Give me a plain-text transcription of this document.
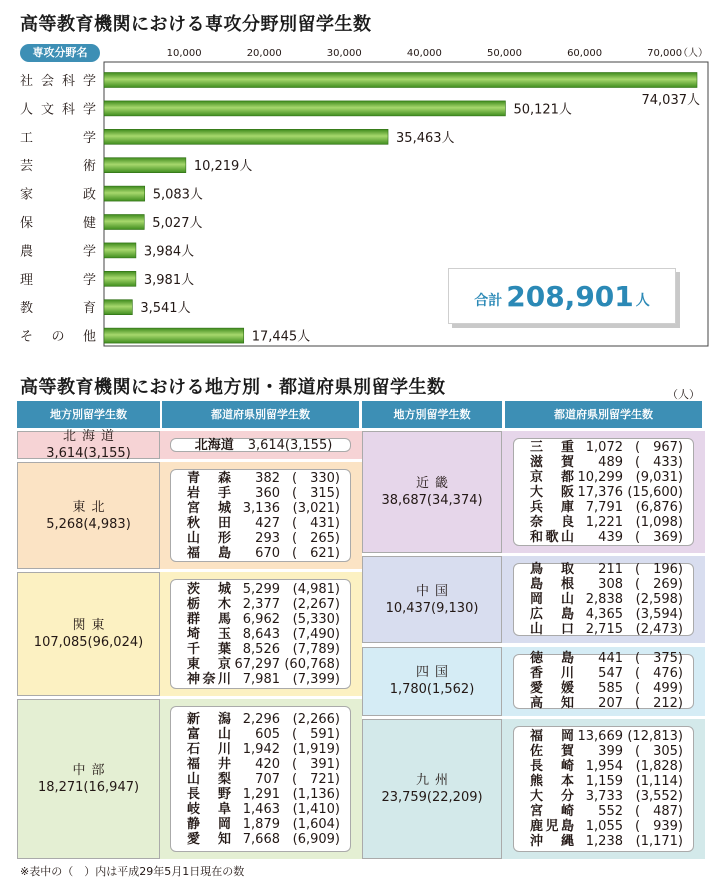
高等教育機関における専攻分野別留学生数
専攻分野名	10,000	20,000	30,000	40,000	50,000	60,000	70,000
（人）
社会科学
74,037人
人文科学	50,121人
工　学	35,463人
芸　術	10,219人
家　政	5,083人
保　健	5,027人
農　学	3,984人
理　学	3,981人
教　育	3,541人
そ の 他	17,445人
合計 208,901 人
高等教育機関における地方別・都道府県別留学生数	（人）
地方別留学生数	都道府県別留学生数	地方別留学生数	都道府県別留学生数
北海道
3,614(3,155)
北海道 3,614 (3,155)
東北
5,268(4,983)
青森	382 (　330)
岩手	360 (　315)
宮城 3,136 (3,021)
秋田	427 (　431)
山形	293 (　265)
福島	670 (　621)
関東
107,085(96,024)
茨城 5,299 (4,981)
栃木 2,377 (2,267)
群馬 6,962 (5,330)
埼玉 8,643 (7,490)
千葉 8,526 (7,789)
東京 67,297 (60,768)
神奈川 7,981 (7,399)
中部
18,271(16,947)
新潟 2,296 (2,266)
富山	605 (　591)
石川 1,942 (1,919)
福井	420 (　391)
山梨	707 (　721)
長野 1,291 (1,136)
岐阜 1,463 (1,410)
静岡 1,879 (1,604)
愛知 7,668 (6,909)
近畿
38,687(34,374)
三重 1,072 (　967)
滋賀	489 (　433)
京都 10,299 (9,031)
大阪 17,376 (15,600)
兵庫 7,791 (6,876)
奈良 1,221 (1,098)
和歌山	439 (　369)
中国
10,437(9,130)
鳥取	211 (　196)
島根	308 (　269)
岡山 2,838 (2,598)
広島 4,365 (3,594)
山口 2,715 (2,473)
四国
1,780(1,562)
徳島	441 (　375)
香川	547 (　476)
愛媛	585 (　499)
高知	207 (　212)
九州
23,759(22,209)
福岡 13,669 (12,813)
佐賀	399 (　305)
長崎 1,954 (1,828)
熊本 1,159 (1,114)
大分 3,733 (3,552)
宮崎	552 (　487)
鹿児島 1,055 (　939)
沖縄 1,238 (1,171)
※表中の（　）内は平成29年5月1日現在の数
